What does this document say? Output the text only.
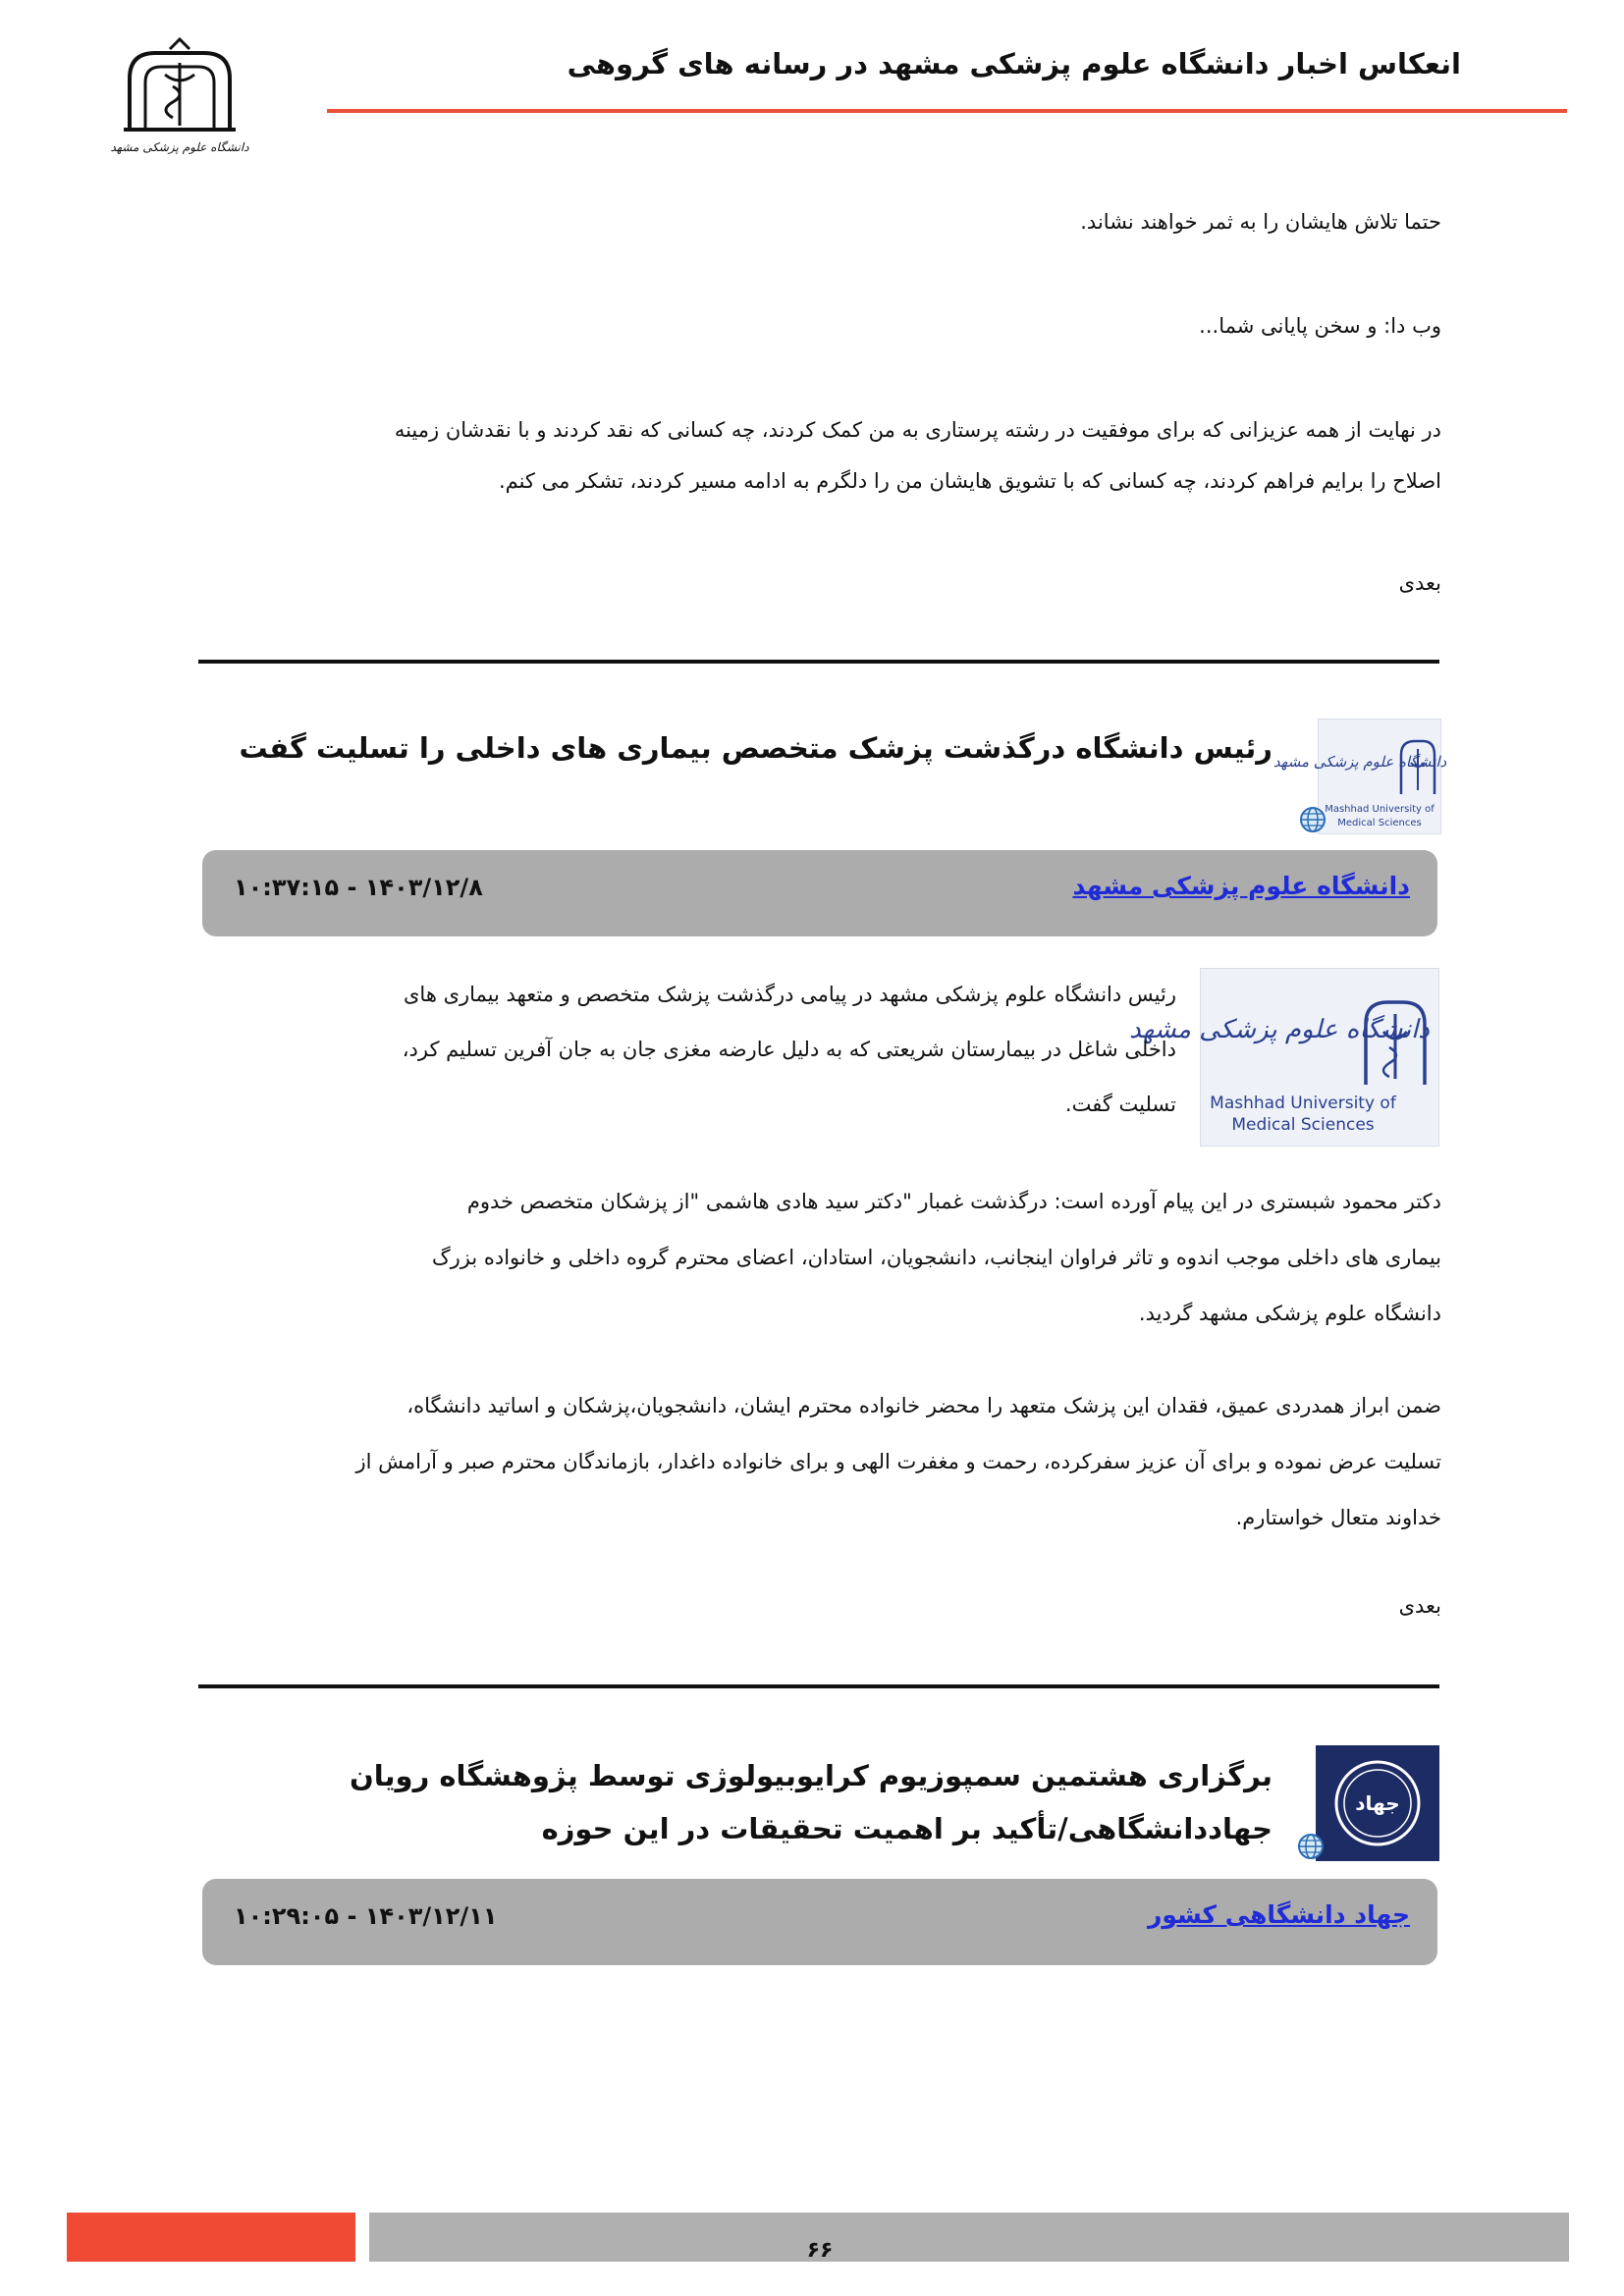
انعکاس اخبار دانشگاه علوم پزشکی مشهد در رسانه های گروهی
دانشگاه علوم پزشکی مشهد
حتما تلاش هایشان را به ثمر خواهند نشاند.
وب دا: و سخن پایانی شما...
در نهایت از همه عزیزانی که برای موفقیت در رشته پرستاری به من کمک کردند، چه کسانی که نقد کردند و با نقدشان زمینه
اصلاح را برایم فراهم کردند، چه کسانی که با تشویق هایشان من را دلگرم به ادامه مسیر کردند، تشکر می کنم.
بعدی
رئیس دانشگاه درگذشت پزشک متخصص بیماری های داخلی را تسلیت گفت دانشگاه علوم پزشکی مشهد
Mashhad University of
Medical Sciences
دانشگاه علوم پزشکی مشهد
۱۴۰۳/۱۲/۸ - ۱۰:۳۷:۱۵
دانشگاه علوم پزشکی مشهد
Mashhad University of
Medical Sciences
رئیس دانشگاه علوم پزشکی مشهد در پیامی درگذشت پزشک متخصص و متعهد بیماری های
داخلی شاغل در بیمارستان شریعتی که به دلیل عارضه مغزی جان به جان آفرین تسلیم کرد،
تسلیت گفت.
دکتر محمود شبستری در این پیام آورده است: درگذشت غمبار "دکتر سید هادی هاشمی "از پزشکان متخصص خدوم
بیماری های داخلی موجب اندوه و تاثر فراوان اینجانب، دانشجویان، استادان، اعضای محترم گروه داخلی و خانواده بزرگ
دانشگاه علوم پزشکی مشهد گردید.
ضمن ابراز همدردی عمیق، فقدان این پزشک متعهد را محضر خانواده محترم ایشان، دانشجویان،پزشکان و اساتید دانشگاه،
تسلیت عرض نموده و برای آن عزیز سفرکرده، رحمت و مغفرت الهی و برای خانواده داغدار، بازماندگان محترم صبر و آرامش از
خداوند متعال خواستارم.
بعدی
برگزاری هشتمین سمپوزیوم کرایوبیولوژی توسط پژوهشگاه رویان
جهاددانشگاهی/تأکید بر اهمیت تحقیقات در این حوزه
جهاد
جهاد دانشگاهی کشور
۱۴۰۳/۱۲/۱۱ - ۱۰:۲۹:۰۵
۶۶
